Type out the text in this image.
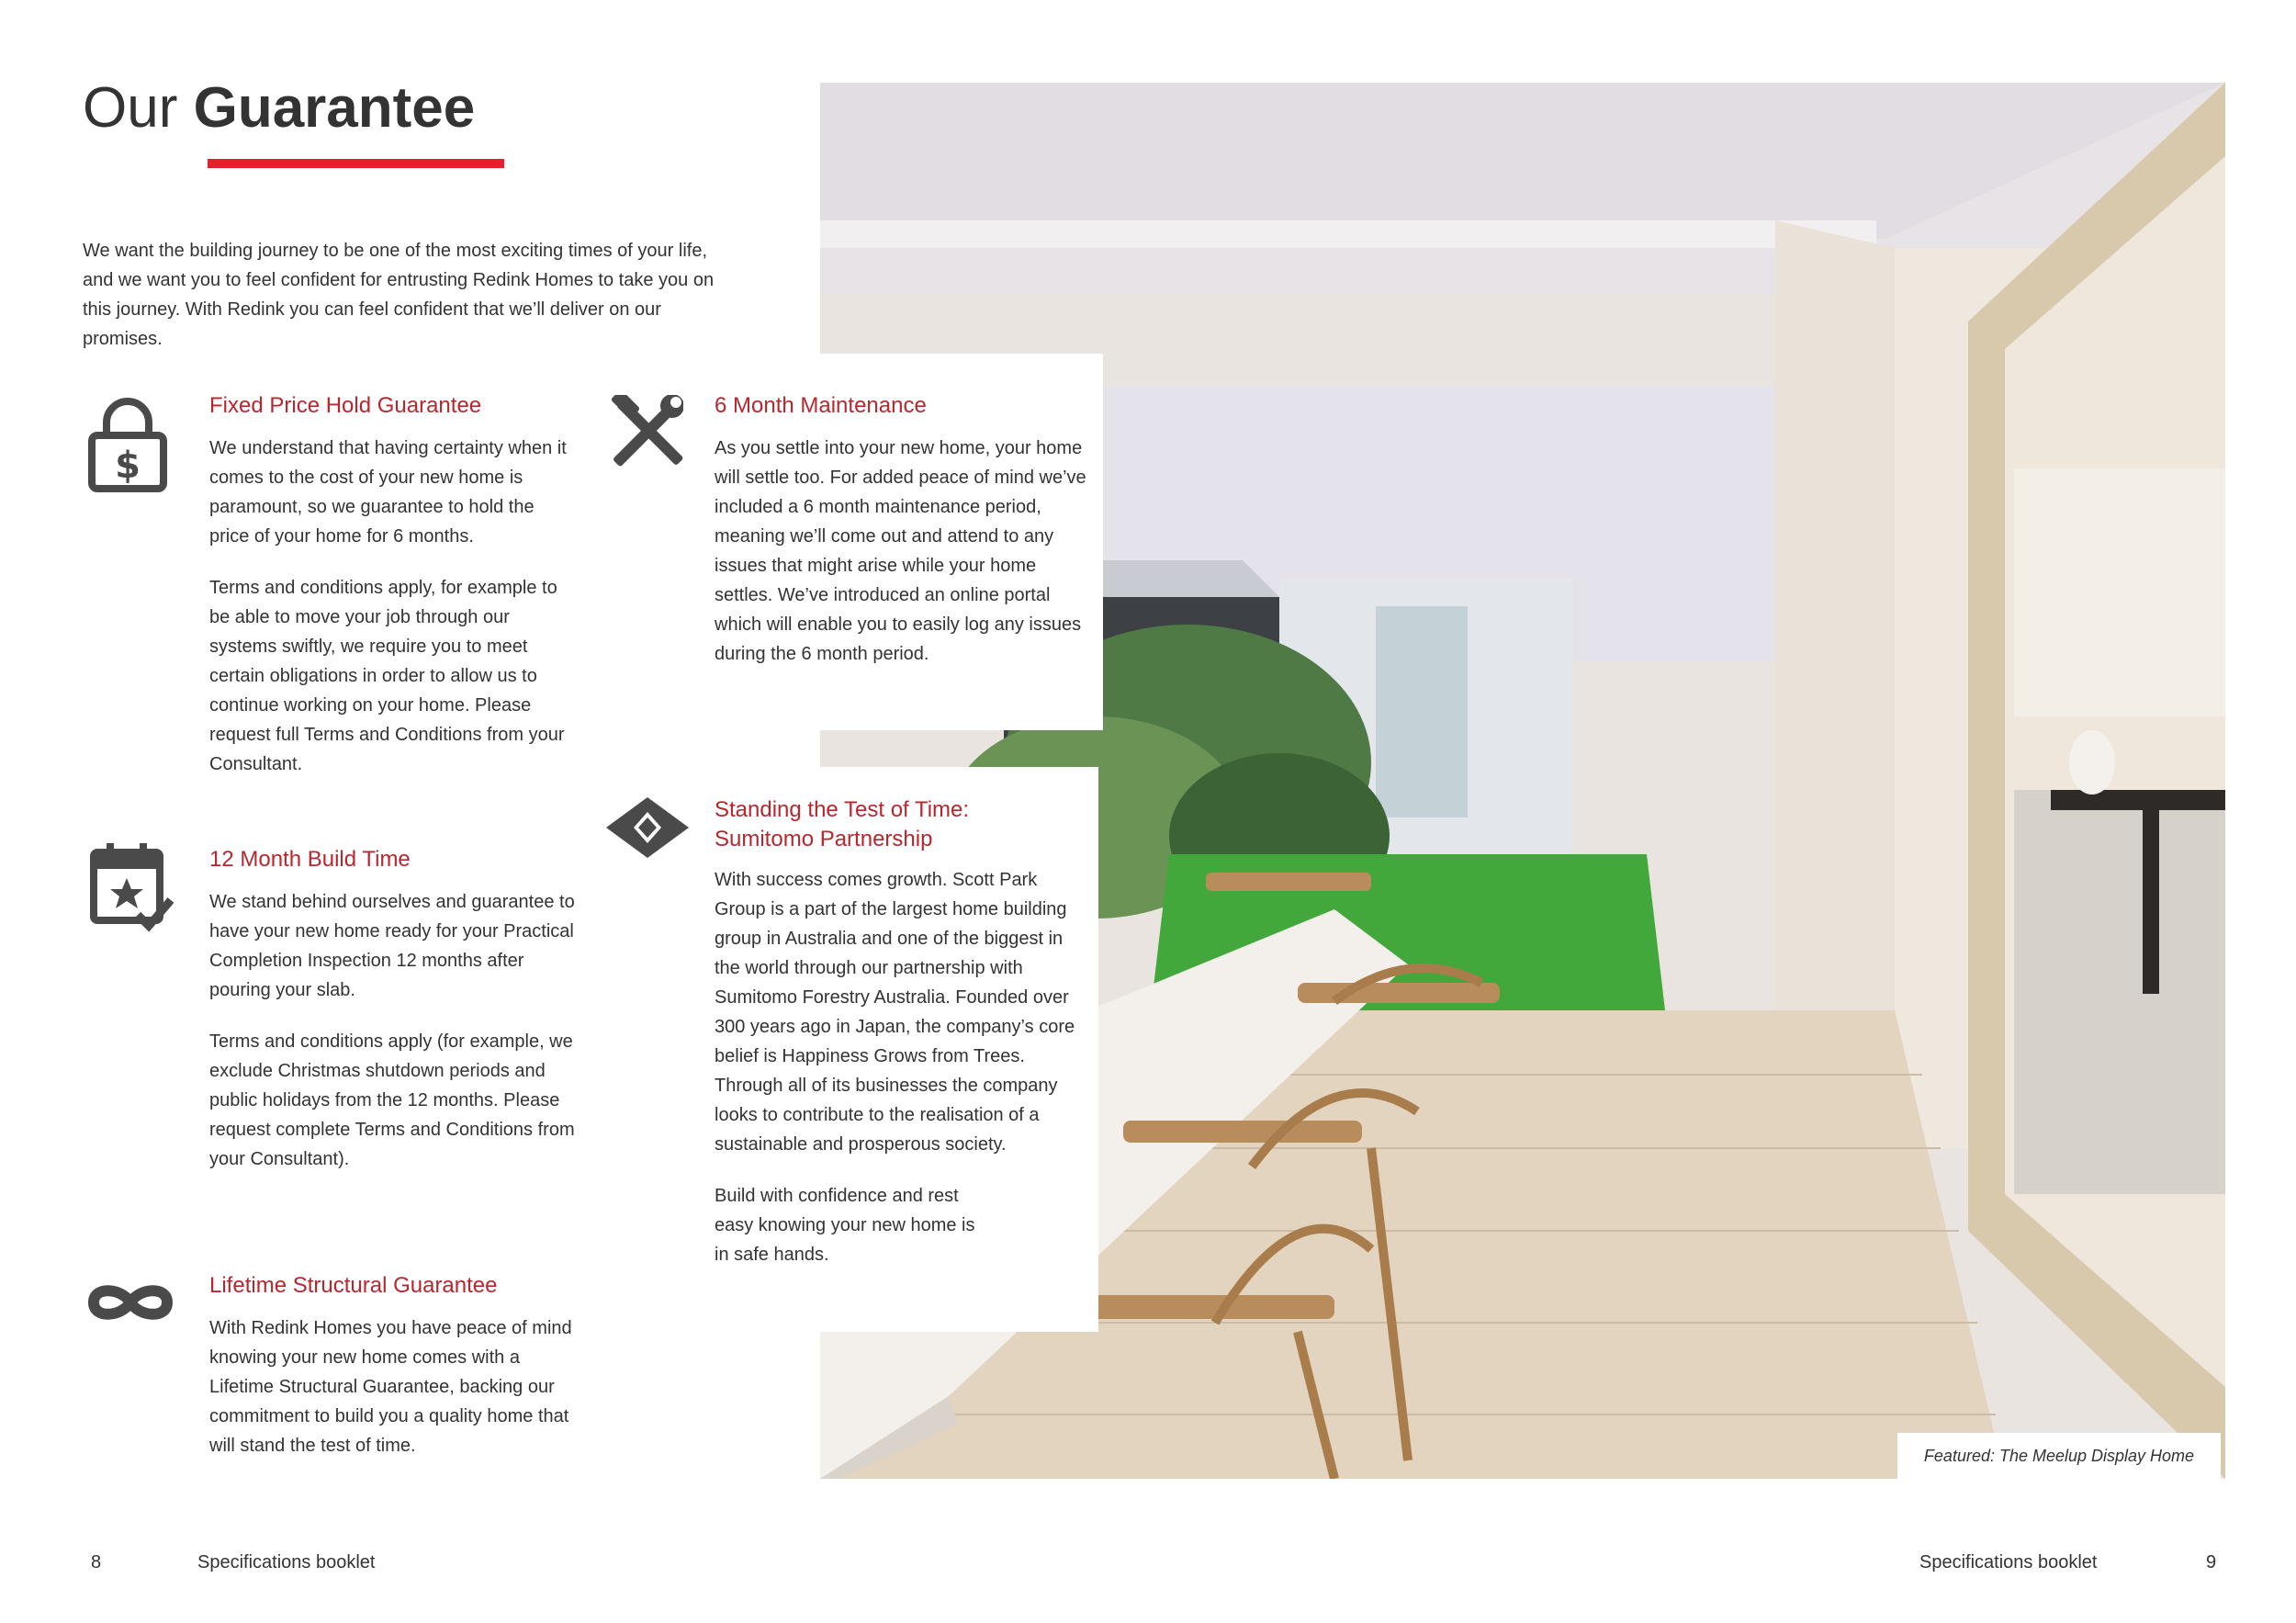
Our Guarantee
We want the building journey to be one of the most exciting times of your life, and we want you to feel confident for entrusting Redink Homes to take you on this journey. With Redink you can feel confident that we’ll deliver on our promises.
$
Fixed Price Hold Guarantee

We understand that having certainty when it comes to the cost of your new home is paramount, so we guarantee to hold the price of your home for 6 months.

Terms and conditions apply, for example to be able to move your job through our systems swiftly, we require you to meet certain obligations in order to allow us to continue working on your home. Please request full Terms and Conditions from your Consultant.

12 Month Build Time

We stand behind ourselves and guarantee to have your new home ready for your Practical Completion Inspection 12 months after pouring your slab.

Terms and conditions apply (for example, we exclude Christmas shutdown periods and public holidays from the 12 months. Please request complete Terms and Conditions from your Consultant).

Lifetime Structural Guarantee

With Redink Homes you have peace of mind knowing your new home comes with a Lifetime Structural Guarantee, backing our commitment to build you a quality home that will stand the test of time.

6 Month Maintenance

As you settle into your new home, your home will settle too. For added peace of mind we’ve included a 6 month maintenance period, meaning we’ll come out and attend to any issues that might arise while your home settles. We’ve introduced an online portal which will enable you to easily log any issues during the 6 month period.

Standing the Test of Time:
Sumitomo Partnership

With success comes growth. Scott Park Group is a part of the largest home building group in Australia and one of the biggest in the world through our partnership with Sumitomo Forestry Australia. Founded over 300 years ago in Japan, the company’s core belief is Happiness Grows from Trees. Through all of its businesses the company looks to contribute to the realisation of a sustainable and prosperous society.

Build with confidence and rest easy knowing your new home is in safe hands.

Featured: The Meelup Display Home
8	Specifications booklet	Specifications booklet	9
